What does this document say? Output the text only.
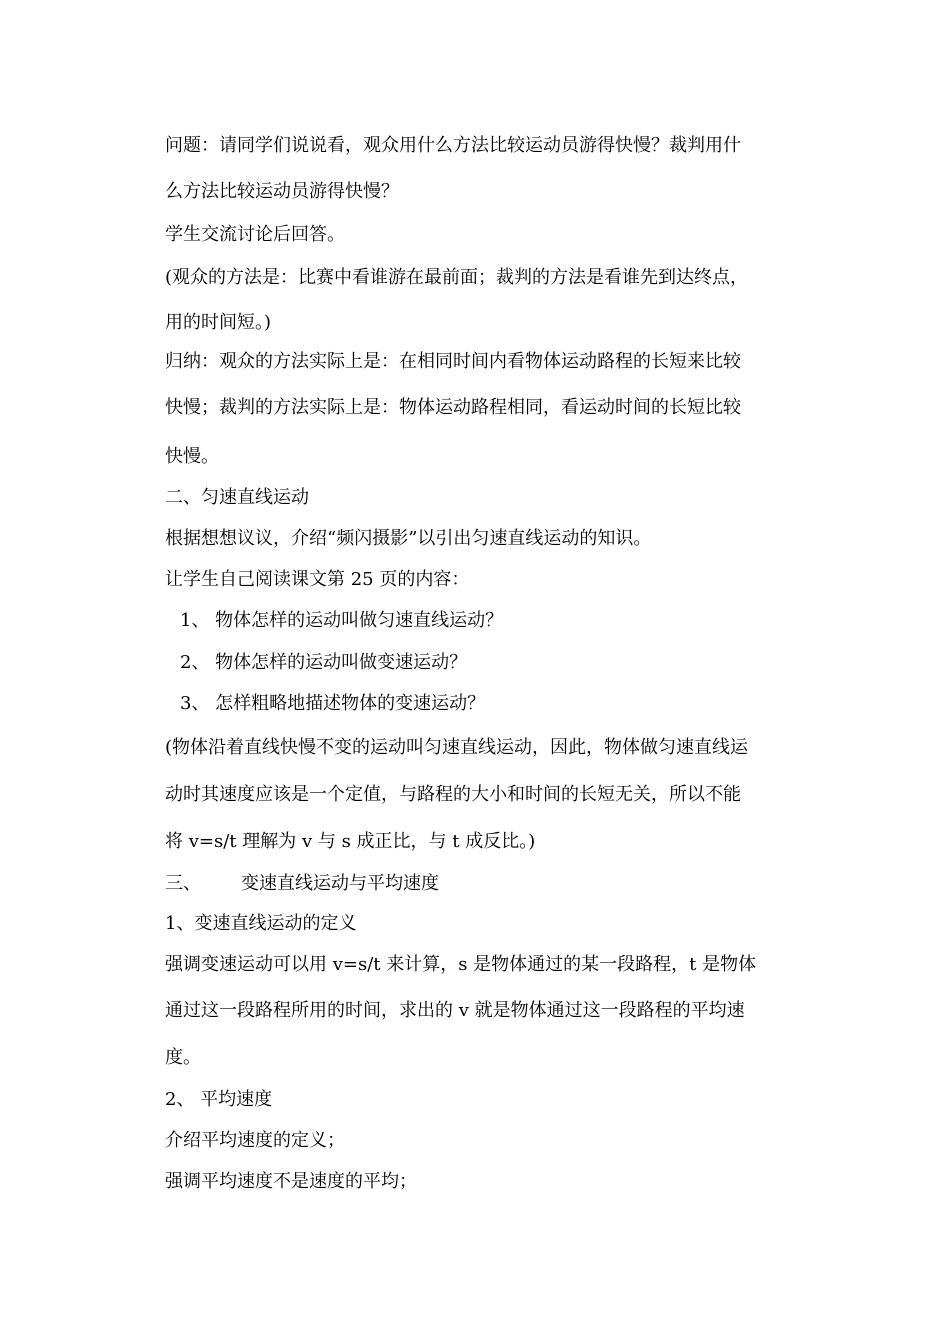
问题：请同学们说说看，观众用什么方法比较运动员游得快慢？裁判用什
么方法比较运动员游得快慢？
学生交流讨论后回答。
(观众的方法是：比赛中看谁游在最前面；裁判的方法是看谁先到达终点，
用的时间短。)
归纳：观众的方法实际上是：在相同时间内看物体运动路程的长短来比较
快慢；裁判的方法实际上是：物体运动路程相同，看运动时间的长短比较
快慢。
二、匀速直线运动
根据想想议议，介绍“频闪摄影”以引出匀速直线运动的知识。
让学生自己阅读课文第 25 页的内容：
1、 物体怎样的运动叫做匀速直线运动？
2、 物体怎样的运动叫做变速运动？
3、 怎样粗略地描述物体的变速运动？
(物体沿着直线快慢不变的运动叫匀速直线运动，因此，物体做匀速直线运
动时其速度应该是一个定值，与路程的大小和时间的长短无关，所以不能
将 v=s/t 理解为 v 与 s 成正比，与 t 成反比。)
三、 变速直线运动与平均速度
1、变速直线运动的定义
强调变速运动可以用 v=s/t 来计算，s 是物体通过的某一段路程，t 是物体
通过这一段路程所用的时间，求出的 v 就是物体通过这一段路程的平均速
度。
2、 平均速度
介绍平均速度的定义；
强调平均速度不是速度的平均；
